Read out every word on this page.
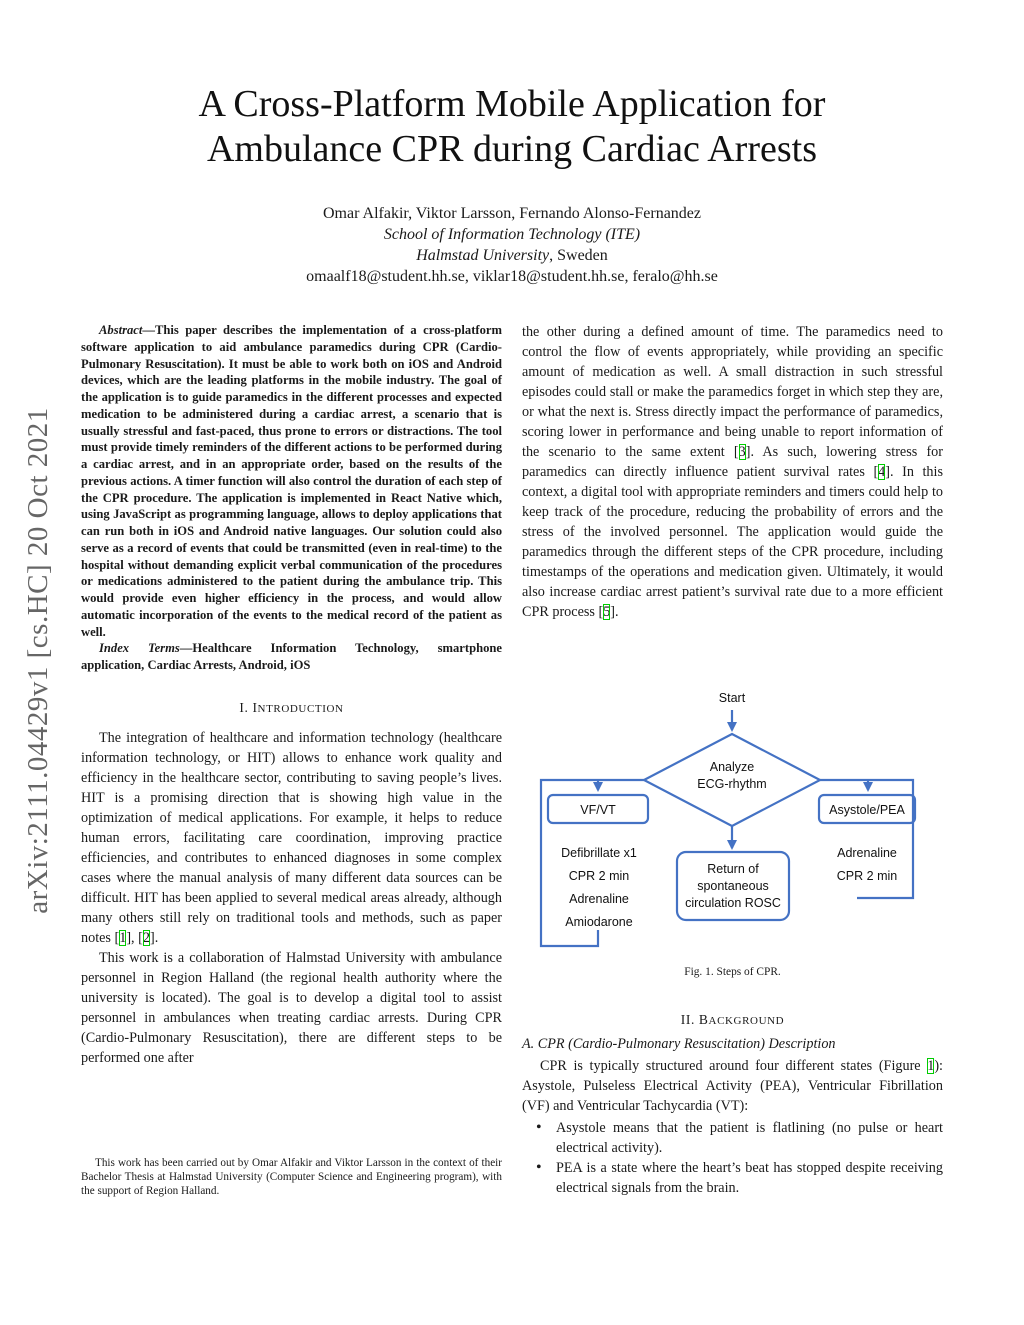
arXiv:2111.04429v1 [cs.HC] 20 Oct 2021
A Cross-Platform Mobile Application for
Ambulance CPR during Cardiac Arrests
Omar Alfakir, Viktor Larsson, Fernando Alonso-Fernandez
School of Information Technology (ITE)
Halmstad University, Sweden
omaalf18@student.hh.se, viklar18@student.hh.se, feralo@hh.se

Abstract—This paper describes the implementation of a cross-platform software application to aid ambulance paramedics during CPR (Cardio-Pulmonary Resuscitation). It must be able to work both on iOS and Android devices, which are the leading platforms in the mobile industry. The goal of the application is to guide paramedics in the different processes and expected medication to be administered during a cardiac arrest, a scenario that is usually stressful and fast-paced, thus prone to errors or distractions. The tool must provide timely reminders of the different actions to be performed during a cardiac arrest, and in an appropriate order, based on the results of the previous actions. A timer function will also control the duration of each step of the CPR procedure. The application is implemented in React Native which, using JavaScript as programming language, allows to deploy applications that can run both in iOS and Android native languages. Our solution could also serve as a record of events that could be transmitted (even in real-time) to the hospital without demanding explicit verbal communication of the procedures or medications administered to the patient during the ambulance trip. This would provide even higher efficiency in the process, and would allow automatic incorporation of the events to the medical record of the patient as well.

Index Terms—Healthcare Information Technology, smartphone application, Cardiac Arrests, Android, iOS

I. INTRODUCTION

The integration of healthcare and information technology (healthcare information technology, or HIT) allows to enhance work quality and efficiency in the healthcare sector, contributing to saving people’s lives. HIT is a promising direction that is showing high value in the optimization of medical applications. For example, it helps to reduce human errors, facilitating care coordination, improving practice efficiencies, and contributes to enhanced diagnoses in some complex cases where the manual analysis of many different data sources can be difficult. HIT has been applied to several medical areas already, although many others still rely on traditional tools and methods, such as paper notes [1], [2].

This work is a collaboration of Halmstad University with ambulance personnel in Region Halland (the regional health authority where the university is located). The goal is to develop a digital tool to assist personnel in ambulances when treating cardiac arrests. During CPR (Cardio-Pulmonary Resuscitation), there are different steps to be performed one after

This work has been carried out by Omar Alfakir and Viktor Larsson in the context of their Bachelor Thesis at Halmstad University (Computer Science and Engineering program), with the support of Region Halland.

the other during a defined amount of time. The paramedics need to control the flow of events appropriately, while providing an specific amount of medication as well. A small distraction in such stressful episodes could stall or make the paramedics forget in which step they are, or what the next is. Stress directly impact the performance of paramedics, scoring lower in performance and being unable to report information of the scenario to the same extent [3]. As such, lowering stress for paramedics can directly influence patient survival rates [4]. In this context, a digital tool with appropriate reminders and timers could help to keep track of the procedure, reducing the probability of errors and the stress of the involved personnel. The application would guide the paramedics through the different steps of the CPR procedure, including timestamps of the operations and medication given. Ultimately, it would also increase cardiac arrest patient’s survival rate due to a more efficient CPR process [5].

Start
Analyze
ECG-rhythm
VF/VT	Asystole/PEA
Defibrillate x1
CPR 2 min
Adrenaline
Amiodarone
Return of
spontaneous
circulation ROSC
Adrenaline
CPR 2 min

Fig. 1. Steps of CPR.

II. BACKGROUND

A. CPR (Cardio-Pulmonary Resuscitation) Description

CPR is typically structured around four different states (Figure 1): Asystole, Pulseless Electrical Activity (PEA), Ventricular Fibrillation (VF) and Ventricular Tachycardia (VT):

• Asystole means that the patient is flatlining (no pulse or heart electrical activity).
• PEA is a state where the heart’s beat has stopped despite receiving electrical signals from the brain.
